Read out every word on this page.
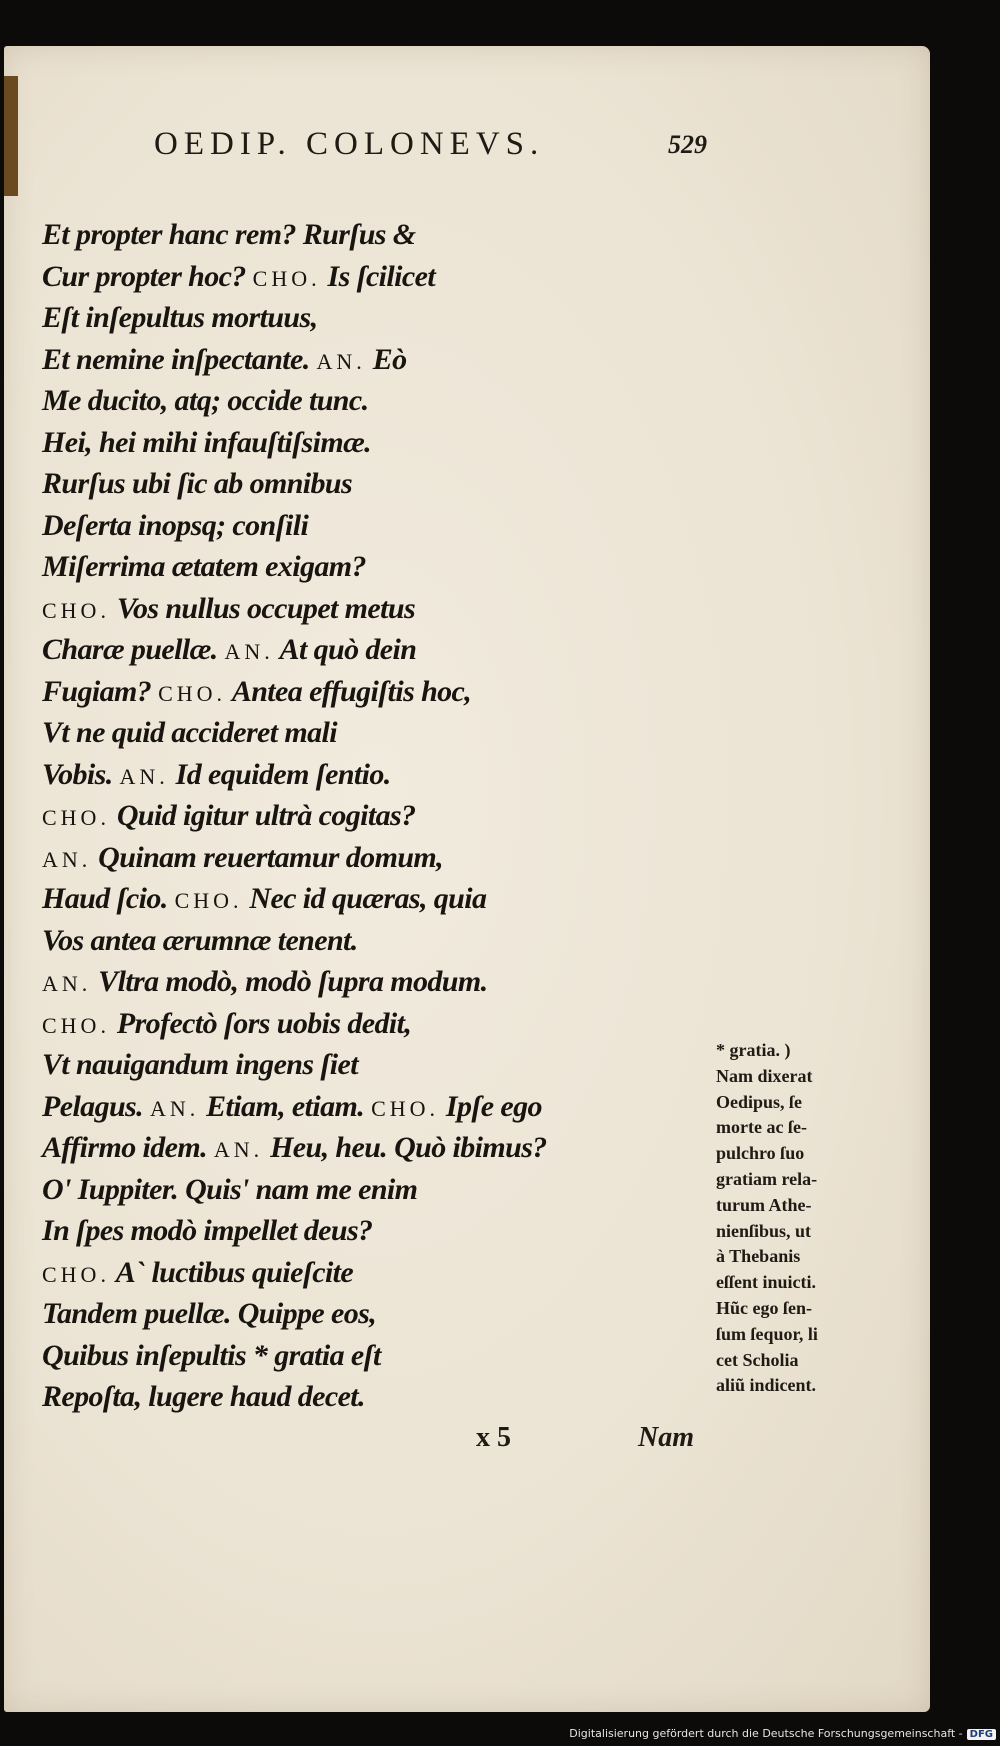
OEDIP. COLONEVS.	529
Et propter hanc rem? Rurſus &
Cur propter hoc? CHO. Is ſcilicet
Eſt inſepultus mortuus,
Et nemine inſpectante. AN. Eò
Me ducito, atq; occide tunc.
Hei, hei mihi infauſtiſsimæ.
Rurſus ubi ſic ab omnibus
Deſerta inopsq; conſili
Miſerrima ætatem exigam?
CHO. Vos nullus occupet metus
Charæ puellæ. AN. At quò dein
Fugiam? CHO. Antea effugiſtis hoc,
Vt ne quid accideret mali
Vobis. AN. Id equidem ſentio.
CHO. Quid igitur ultrà cogitas?
AN. Quinam reuertamur domum,
Haud ſcio. CHO. Nec id quæras, quia
Vos antea ærumnæ tenent.
AN. Vltra modò, modò ſupra modum.
CHO. Profectò ſors uobis dedit,
Vt nauigandum ingens ſiet
Pelagus. AN. Etiam, etiam. CHO. Ipſe ego
Affirmo idem. AN. Heu, heu. Quò ibimus?
O' Iuppiter. Quis' nam me enim
In ſpes modò impellet deus?
CHO. A` luctibus quieſcite
Tandem puellæ. Quippe eos,
Quibus inſepultis * gratia eſt
Repoſta, lugere haud decet.
* gratia. )
Nam dixerat
Oedipus, ſe
morte ac ſe-
pulchro ſuo
gratiam rela-
turum Athe-
nienſibus, ut
à Thebanis
eſſent inuicti.
Hũc ego ſen-
ſum ſequor, li
cet Scholia
aliũ indicent.
x 5	Nam
Digitalisierung gefördert durch die Deutsche Forschungsgemeinschaft - DFG
